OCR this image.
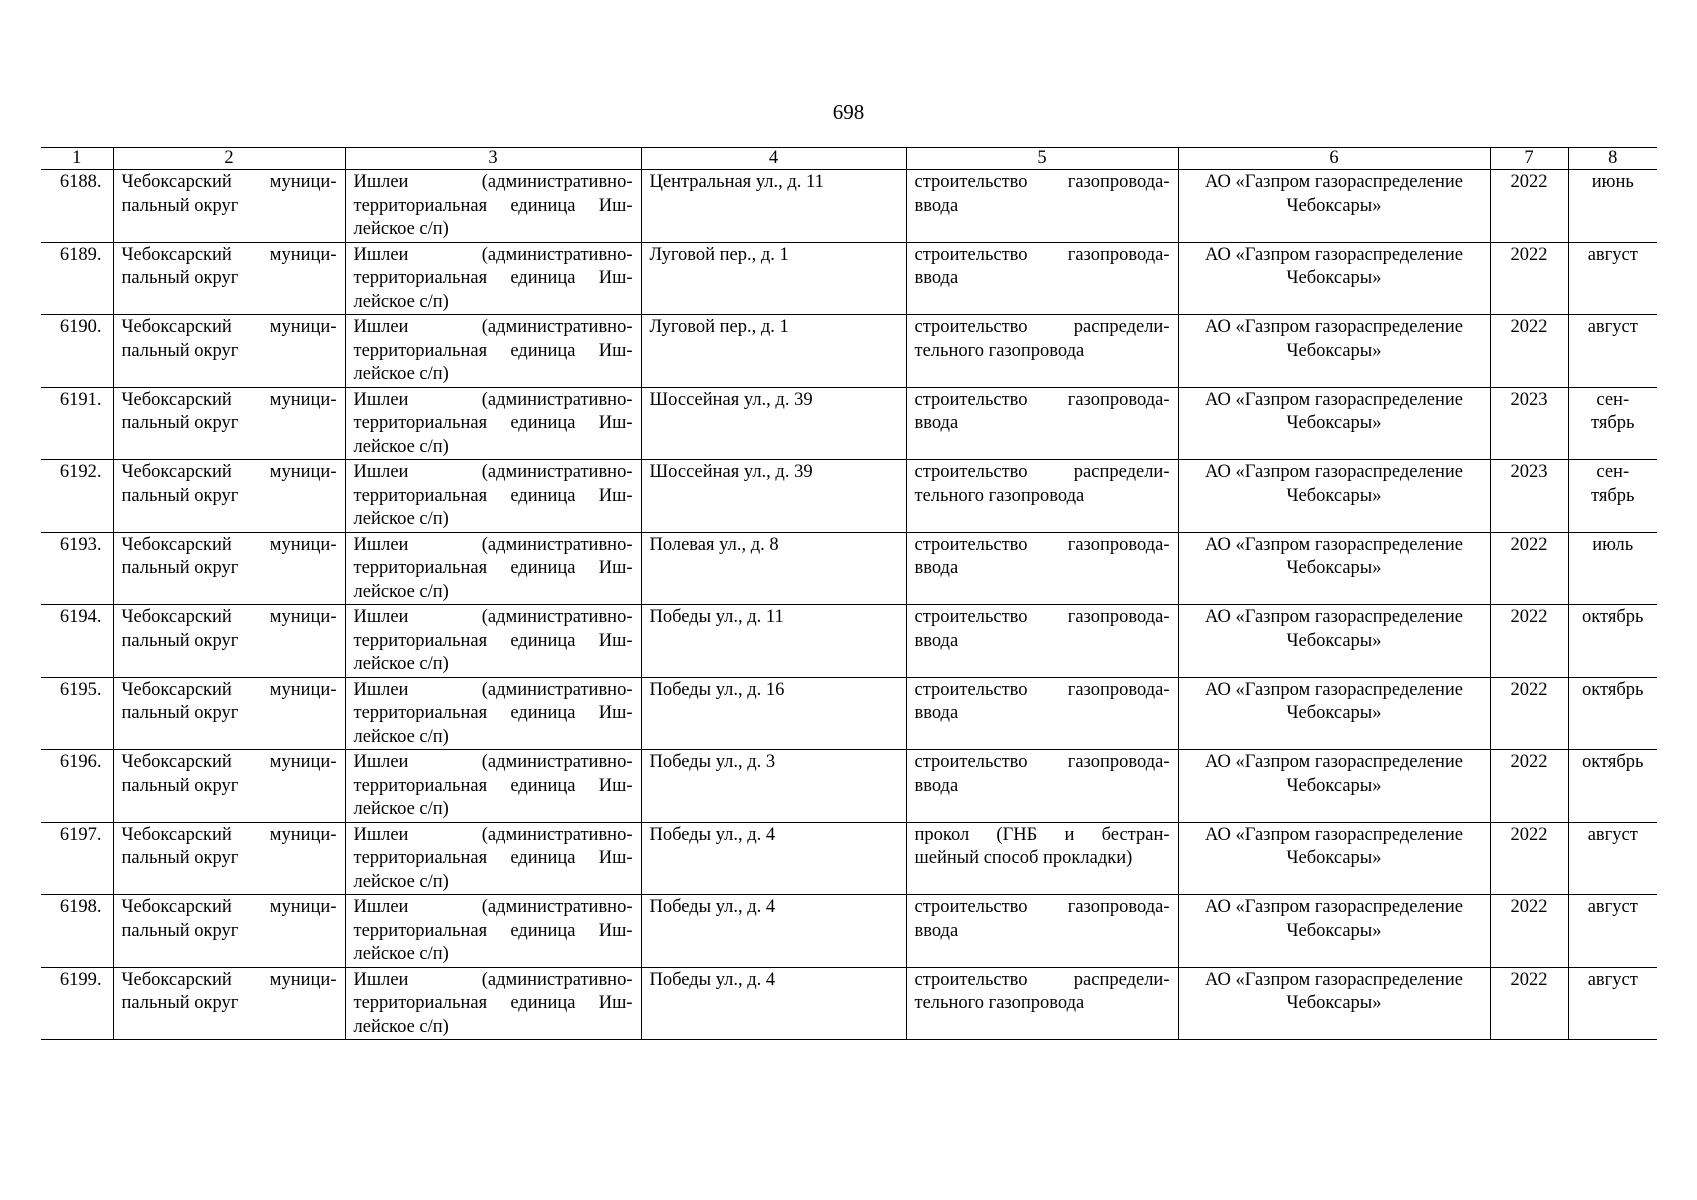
698
1	2	3	4	5	6	7	8
6188.	Чебоксарский муници-
пальный округ	Ишлеи (административно-
территориальная единица Иш-
лейское с/п)	Центральная ул., д. 11	строительство газопровода-
ввода	АО «Газпром газораспределение
Чебоксары»	2022	июнь

6189.	Чебоксарский муници-
пальный округ	Ишлеи (административно-
территориальная единица Иш-
лейское с/п)	Луговой пер., д. 1	строительство газопровода-
ввода	АО «Газпром газораспределение
Чебоксары»	2022	август

6190.	Чебоксарский муници-
пальный округ	Ишлеи (административно-
территориальная единица Иш-
лейское с/п)	Луговой пер., д. 1	строительство распредели-
тельного газопровода	АО «Газпром газораспределение
Чебоксары»	2022	август

6191.	Чебоксарский муници-
пальный округ	Ишлеи (административно-
территориальная единица Иш-
лейское с/п)	Шоссейная ул., д. 39	строительство газопровода-
ввода	АО «Газпром газораспределение
Чебоксары»	2023	сен-
тябрь

6192.	Чебоксарский муници-
пальный округ	Ишлеи (административно-
территориальная единица Иш-
лейское с/п)	Шоссейная ул., д. 39	строительство распредели-
тельного газопровода	АО «Газпром газораспределение
Чебоксары»	2023	сен-
тябрь

6193.	Чебоксарский муници-
пальный округ	Ишлеи (административно-
территориальная единица Иш-
лейское с/п)	Полевая ул., д. 8	строительство газопровода-
ввода	АО «Газпром газораспределение
Чебоксары»	2022	июль

6194.	Чебоксарский муници-
пальный округ	Ишлеи (административно-
территориальная единица Иш-
лейское с/п)	Победы ул., д. 11	строительство газопровода-
ввода	АО «Газпром газораспределение
Чебоксары»	2022	октябрь

6195.	Чебоксарский муници-
пальный округ	Ишлеи (административно-
территориальная единица Иш-
лейское с/п)	Победы ул., д. 16	строительство газопровода-
ввода	АО «Газпром газораспределение
Чебоксары»	2022	октябрь

6196.	Чебоксарский муници-
пальный округ	Ишлеи (административно-
территориальная единица Иш-
лейское с/п)	Победы ул., д. 3	строительство газопровода-
ввода	АО «Газпром газораспределение
Чебоксары»	2022	октябрь

6197.	Чебоксарский муници-
пальный округ	Ишлеи (административно-
территориальная единица Иш-
лейское с/п)	Победы ул., д. 4	прокол (ГНБ и бестран-
шейный способ прокладки)	АО «Газпром газораспределение
Чебоксары»	2022	август

6198.	Чебоксарский муници-
пальный округ	Ишлеи (административно-
территориальная единица Иш-
лейское с/п)	Победы ул., д. 4	строительство газопровода-
ввода	АО «Газпром газораспределение
Чебоксары»	2022	август

6199.	Чебоксарский муници-
пальный округ	Ишлеи (административно-
территориальная единица Иш-
лейское с/п)	Победы ул., д. 4	строительство распредели-
тельного газопровода	АО «Газпром газораспределение
Чебоксары»	2022	август
